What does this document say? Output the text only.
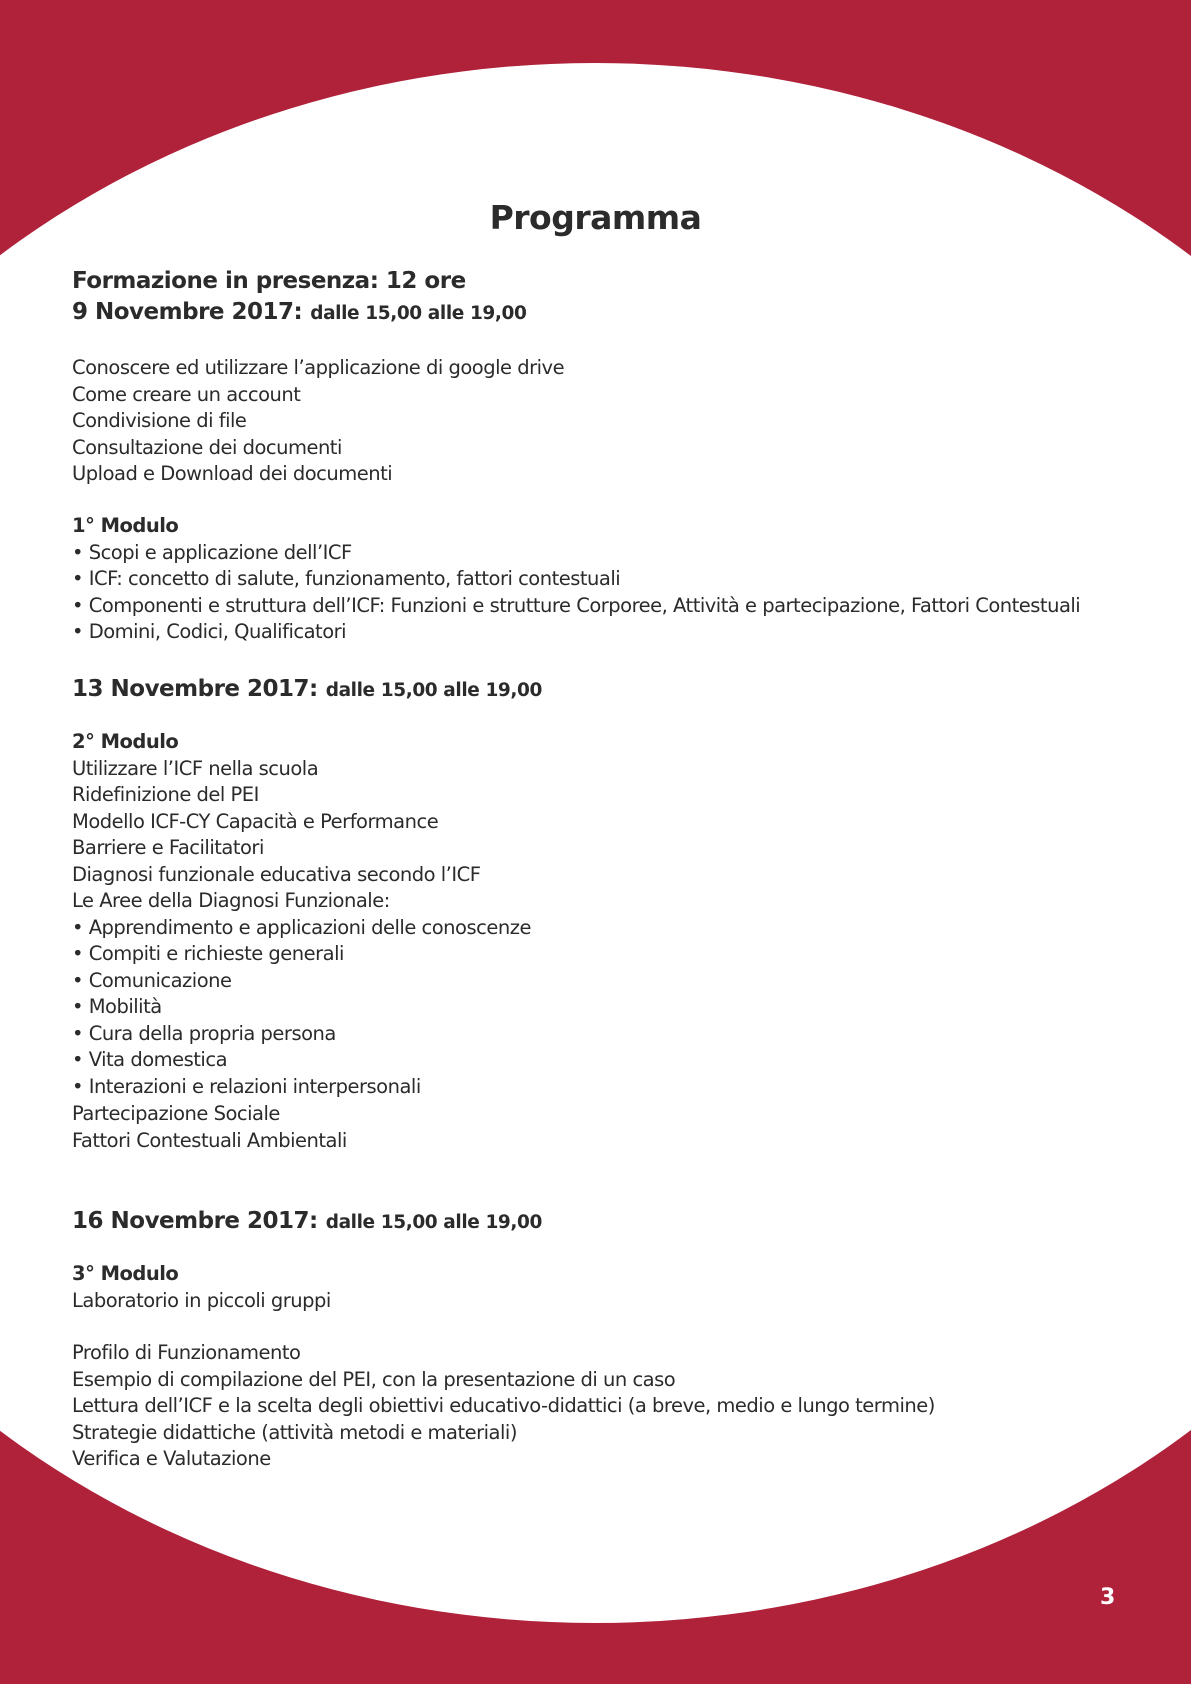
Programma
Formazione in presenza: 12 ore
9 Novembre 2017: dalle 15,00 alle 19,00
Conoscere ed utilizzare l’applicazione di google drive
Come creare un account
Condivisione di file
Consultazione dei documenti
Upload e Download dei documenti
1° Modulo
• Scopi e applicazione dell’ICF
• ICF: concetto di salute, funzionamento, fattori contestuali
• Componenti e struttura dell’ICF: Funzioni e strutture Corporee, Attività e partecipazione, Fattori Contestuali
• Domini, Codici, Qualificatori
13 Novembre 2017: dalle 15,00 alle 19,00
2° Modulo
Utilizzare l’ICF nella scuola
Ridefinizione del PEI
Modello ICF-CY Capacità e Performance
Barriere e Facilitatori
Diagnosi funzionale educativa secondo l’ICF
Le Aree della Diagnosi Funzionale:
• Apprendimento e applicazioni delle conoscenze
• Compiti e richieste generali
• Comunicazione
• Mobilità
• Cura della propria persona
• Vita domestica
• Interazioni e relazioni interpersonali
Partecipazione Sociale
Fattori Contestuali Ambientali
16 Novembre 2017: dalle 15,00 alle 19,00
3° Modulo
Laboratorio in piccoli gruppi
Profilo di Funzionamento
Esempio di compilazione del PEI, con la presentazione di un caso
Lettura dell’ICF e la scelta degli obiettivi educativo-didattici (a breve, medio e lungo termine)
Strategie didattiche (attività metodi e materiali)
Verifica e Valutazione
3
